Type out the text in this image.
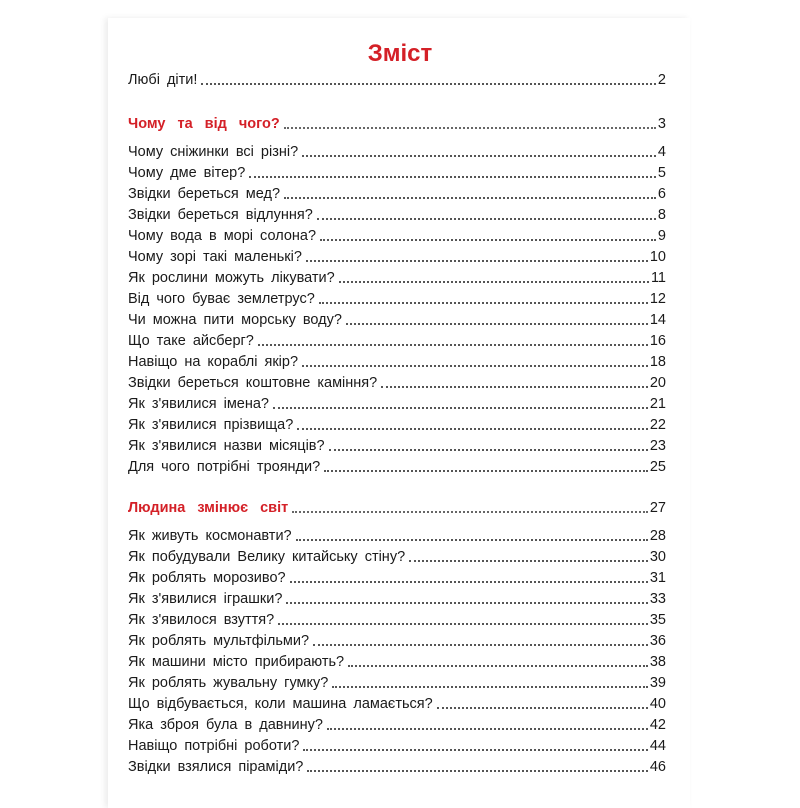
Зміст
Любі діти!	2
Чому та від чого?	3
Чому сніжинки всі різні?	4
Чому дме вітер?	5
Звідки береться мед?	6
Звідки береться відлуння?	8
Чому вода в морі солона?	9
Чому зорі такі маленькі?	10
Як рослини можуть лікувати?	11
Від чого буває землетрус?	12
Чи можна пити морську воду?	14
Що таке айсберг?	16
Навіщо на кораблі якір?	18
Звідки береться коштовне каміння?	20
Як з'явилися імена?	21
Як з'явилися прізвища?	22
Як з'явилися назви місяців?	23
Для чого потрібні троянди?	25
Людина змінює світ	27
Як живуть космонавти?	28
Як побудували Велику китайську стіну?	30
Як роблять морозиво?	31
Як з'явилися іграшки?	33
Як з'явилося взуття?	35
Як роблять мультфільми?	36
Як машини місто прибирають?	38
Як роблять жувальну гумку?	39
Що відбувається, коли машина ламається?	40
Яка зброя була в давнину?	42
Навіщо потрібні роботи?	44
Звідки взялися піраміди?	46
